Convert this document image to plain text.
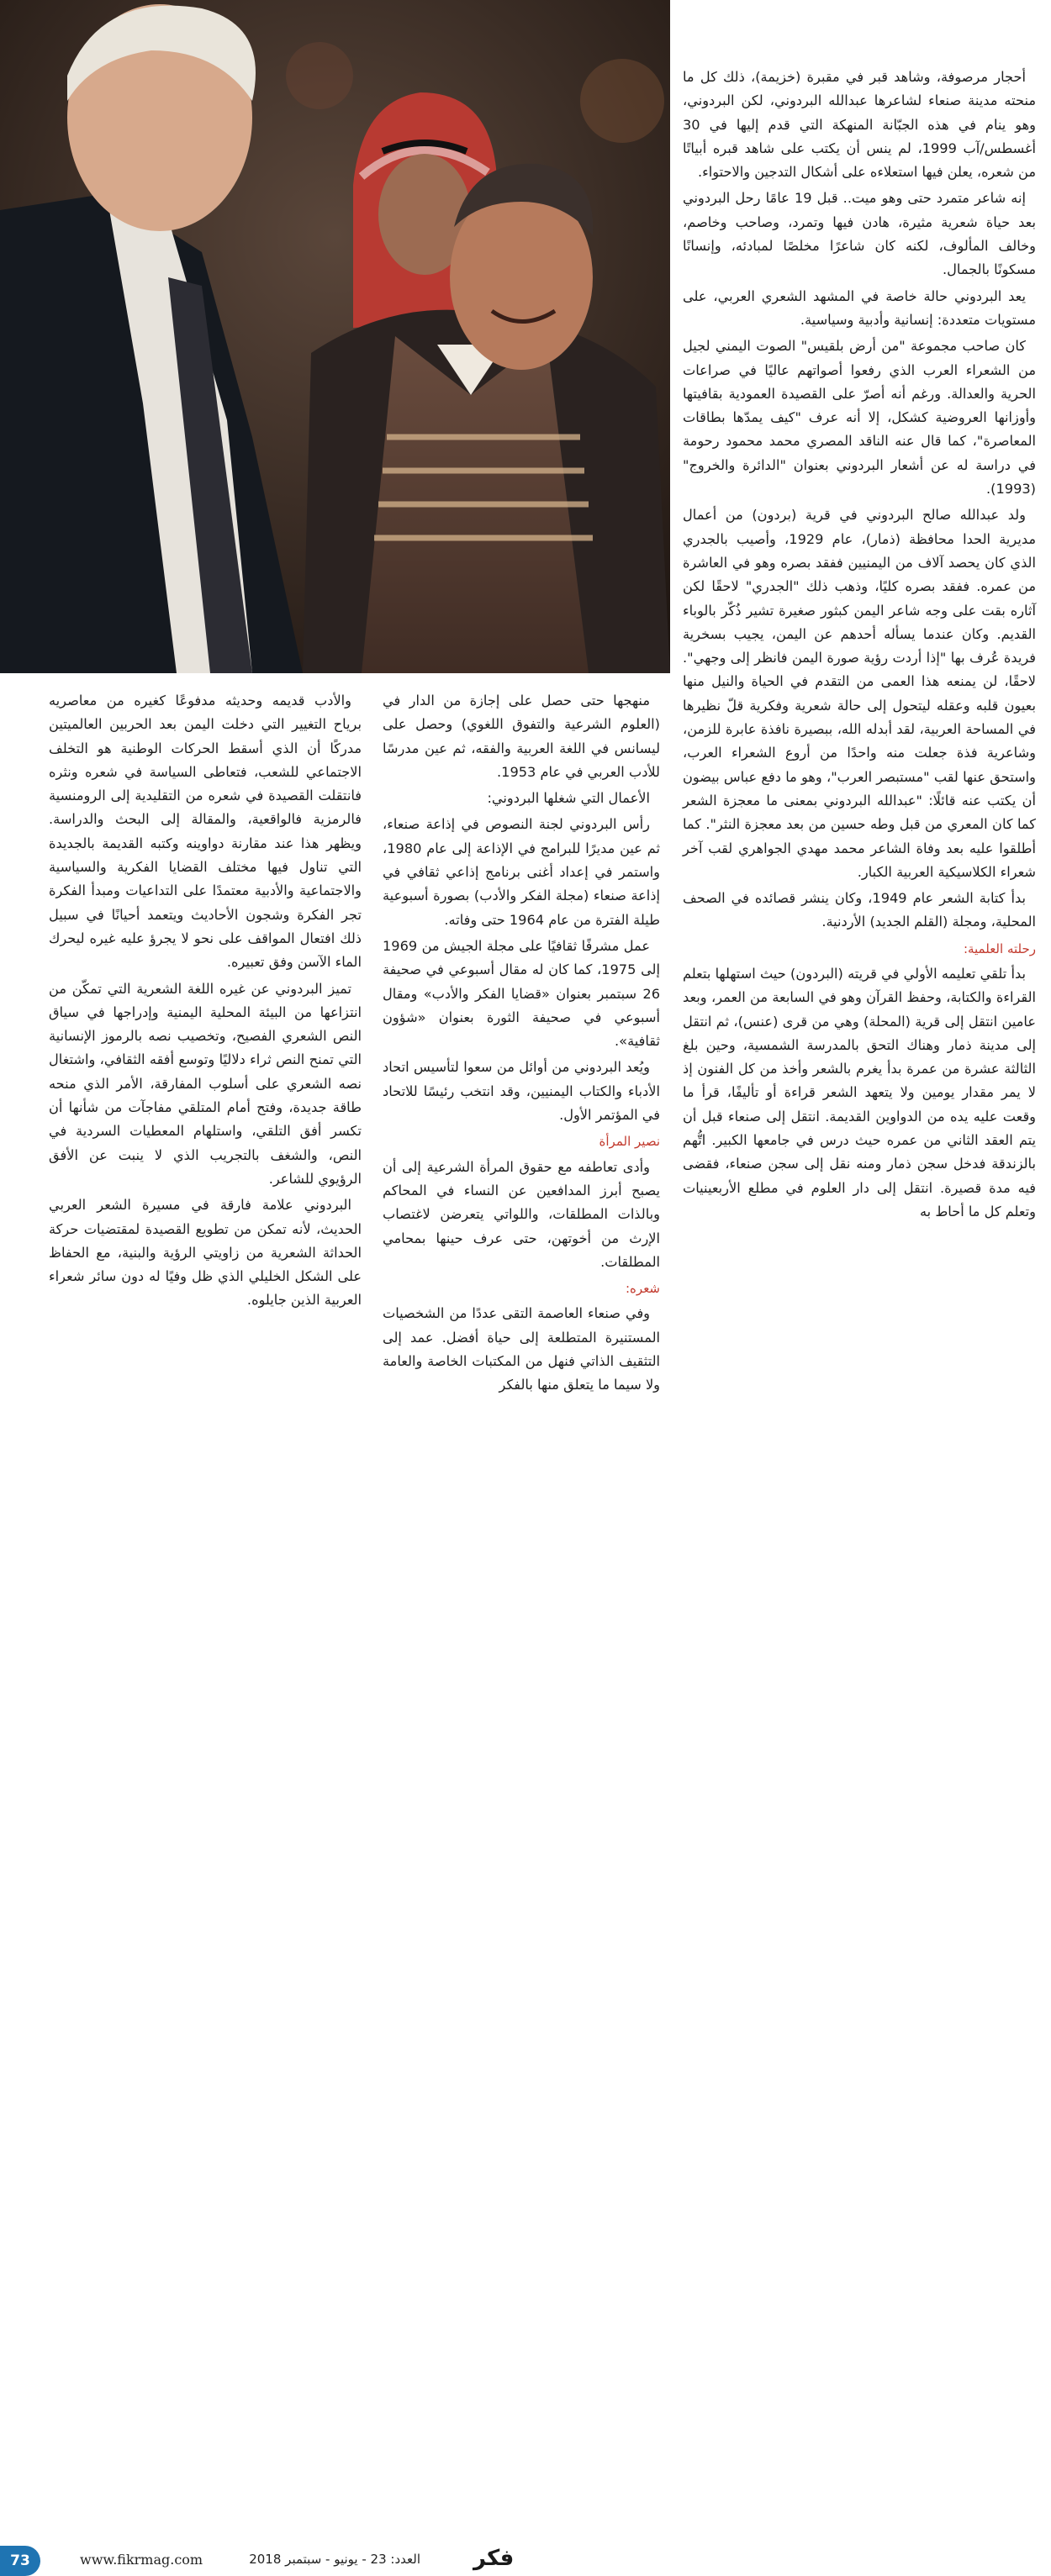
أحجار مرصوفة، وشاهد قبر في مقبرة (خزيمة)، ذلك كل ما منحته مدينة صنعاء لشاعرها عبدالله البردوني، لكن البردوني، وهو ينام في هذه الجبّانة المنهكة التي قدم إليها في 30 أغسطس/آب 1999، لم ينس أن يكتب على شاهد قبره أبياتًا من شعره، يعلن فيها استعلاءه على أشكال التدجين والاحتواء.

إنه شاعر متمرد حتى وهو ميت.. قبل 19 عامًا رحل البردوني بعد حياة شعرية مثيرة، هادن فيها وتمرد، وصاحب وخاصم، وخالف المألوف، لكنه كان شاعرًا مخلصًا لمبادئه، وإنسانًا مسكونًا بالجمال.

يعد البردوني حالة خاصة في المشهد الشعري العربي، على مستويات متعددة: إنسانية وأدبية وسياسية.

كان صاحب مجموعة "من أرض بلقيس" الصوت اليمني لجيل من الشعراء العرب الذي رفعوا أصواتهم عاليًا في صراعات الحرية والعدالة. ورغم أنه أصرّ على القصيدة العمودية بقافيتها وأوزانها العروضية كشكل، إلا أنه عرف "كيف يمدّها بطاقات المعاصرة"، كما قال عنه الناقد المصري محمد محمود رحومة في دراسة له عن أشعار البردوني بعنوان "الدائرة والخروج" (1993).

ولد عبدالله صالح البردوني في قرية (بردون) من أعمال مديرية الحدا محافظة (ذمار)، عام 1929، وأصيب بالجدري الذي كان يحصد آلاف من اليمنيين ففقد بصره وهو في العاشرة من عمره. ففقد بصره كليًا، وذهب ذلك "الجدري" لاحقًا لكن آثاره بقت على وجه شاعر اليمن كبثور صغيرة تشير ذُكّر بالوباء القديم. وكان عندما يسأله أحدهم عن اليمن، يجيب بسخرية فريدة عُرف بها "إذا أردت رؤية صورة اليمن فانظر إلى وجهي". لاحقًا، لن يمنعه هذا العمى من التقدم في الحياة والنيل منها بعيون قلبه وعقله ليتحول إلى حالة شعرية وفكرية قلّ نظيرها في المساحة العربية، لقد أبدله الله، ببصيرة نافذة عابرة للزمن، وشاعرية فذة جعلت منه واحدًا من أروع الشعراء العرب، واستحق عنها لقب "مستبصر العرب"، وهو ما دفع عباس بيضون أن يكتب عنه قائلًا: "عبدالله البردوني بمعنى ما معجزة الشعر كما كان المعري من قبل وطه حسين من بعد معجزة النثر". كما أطلقوا عليه بعد وفاة الشاعر محمد مهدي الجواهري لقب آخر شعراء الكلاسيكية العربية الكبار.

بدأ كتابة الشعر عام 1949، وكان ينشر قصائده في الصحف المحلية، ومجلة (القلم الجديد) الأردنية.

رحلته العلمية:

بدأ تلقي تعليمه الأولي في قريته (البردون) حيث استهلها بتعلم القراءة والكتابة، وحفظ القرآن وهو في السابعة من العمر، وبعد عامين انتقل إلى قرية (المحلة) وهي من قرى (عنس)، ثم انتقل إلى مدينة ذمار وهناك التحق بالمدرسة الشمسية، وحين بلغ الثالثة عشرة من عمرة بدأ يغرم بالشعر وأخذ من كل الفنون إذ لا يمر مقدار يومين ولا يتعهد الشعر قراءة أو تأليفًا، قرأ ما وقعت عليه يده من الدواوين القديمة. انتقل إلى صنعاء قبل أن يتم العقد الثاني من عمره حيث درس في جامعها الكبير. اتُّهم بالزندقة فدخل سجن ذمار ومنه نقل إلى سجن صنعاء، فقضى فيه مدة قصيرة. انتقل إلى دار العلوم في مطلع الأربعينيات وتعلم كل ما أحاط به

منهجها حتى حصل على إجازة من الدار في (العلوم الشرعية والتفوق اللغوي) وحصل على ليسانس في اللغة العربية والفقه، ثم عين مدرسًا للأدب العربي في عام 1953.

الأعمال التي شغلها البردوني:

رأس البردوني لجنة النصوص في إذاعة صنعاء، ثم عين مديرًا للبرامج في الإذاعة إلى عام 1980، واستمر في إعداد أغنى برنامج إذاعي ثقافي في إذاعة صنعاء (مجلة الفكر والأدب) بصورة أسبوعية طيلة الفترة من عام 1964 حتى وفاته.

عمل مشرفًا ثقافيًا على مجلة الجيش من 1969 إلى 1975، كما كان له مقال أسبوعي في صحيفة 26 سبتمبر بعنوان «قضايا الفكر والأدب» ومقال أسبوعي في صحيفة الثورة بعنوان «شؤون ثقافية».

ويُعد البردوني من أوائل من سعوا لتأسيس اتحاد الأدباء والكتاب اليمنيين، وقد انتخب رئيسًا للاتحاد في المؤتمر الأول.

نصير المرأة

وأدى تعاطفه مع حقوق المرأة الشرعية إلى أن يصبح أبرز المدافعين عن النساء في المحاكم وبالذات المطلقات، واللواتي يتعرضن لاغتصاب الإرث من أخوتهن، حتى عرف حينها بمحامي المطلقات.

شعره:

وفي صنعاء العاصمة التقى عددًا من الشخصيات المستنيرة المتطلعة إلى حياة أفضل. عمد إلى التثقيف الذاتي فنهل من المكتبات الخاصة والعامة ولا سيما ما يتعلق منها بالفكر

والأدب قديمه وحديثه مدفوعًا كغيره من معاصريه برياح التغيير التي دخلت اليمن بعد الحربين العالميتين مدركًا أن الذي أسقط الحركات الوطنية هو التخلف الاجتماعي للشعب، فتعاطى السياسة في شعره ونثره فانتقلت القصيدة في شعره من التقليدية إلى الرومنسية فالرمزية فالواقعية، والمقالة إلى البحث والدراسة. ويظهر هذا عند مقارنة دواوينه وكتبه القديمة بالجديدة التي تناول فيها مختلف القضايا الفكرية والسياسية والاجتماعية والأدبية معتمدًا على التداعيات ومبدأ الفكرة تجر الفكرة وشجون الأحاديث ويتعمد أحيانًا في سبيل ذلك افتعال المواقف على نحو لا يجرؤ عليه غيره ليحرك الماء الآسن وفق تعبيره.

تميز البردوني عن غيره اللغة الشعرية التي تمكّن من انتزاعها من البيئة المحلية اليمنية وإدراجها في سياق النص الشعري الفصيح، وتخصيب نصه بالرموز الإنسانية التي تمنح النص ثراء دلاليًا وتوسع أفقه الثقافي، واشتغال نصه الشعري على أسلوب المفارقة، الأمر الذي منحه طاقة جديدة، وفتح أمام المتلقي مفاجآت من شأنها أن تكسر أفق التلقي، واستلهام المعطيات السردية في النص، والشغف بالتجريب الذي لا ينبت عن الأفق الرؤيوي للشاعر.

البردوني علامة فارقة في مسيرة الشعر العربي الحديث، لأنه تمكن من تطويع القصيدة لمقتضيات حركة الحداثة الشعرية من زاويتي الرؤية والبنية، مع الحفاظ على الشكل الخليلي الذي ظل وفيًا له دون سائر شعراء العربية الذين جايلوه.

73	www.fikrmag.com	العدد: 23 - يونيو - سبتمبر 2018 فكر
